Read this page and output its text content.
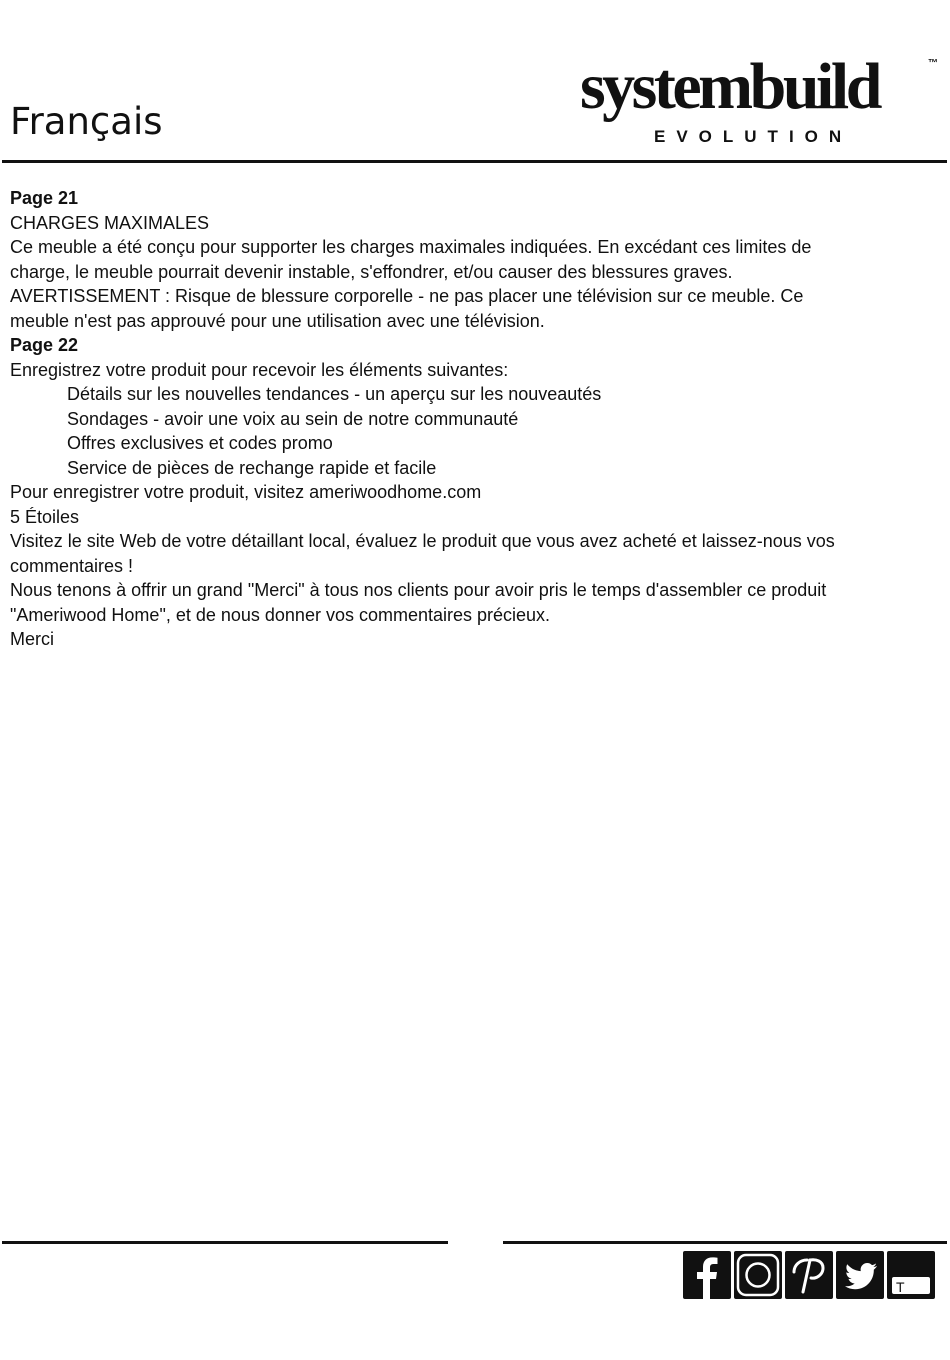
Français	systembuild	™
EVOLUTION

Page 21

CHARGES MAXIMALES

Ce meuble a été conçu pour supporter les charges maximales indiquées. En excédant ces limites de

charge, le meuble pourrait devenir instable, s'effondrer, et/ou causer des blessures graves.

AVERTISSEMENT : Risque de blessure corporelle - ne pas placer une télévision sur ce meuble. Ce

meuble n'est pas approuvé pour une utilisation avec une télévision.

Page 22

Enregistrez votre produit pour recevoir les éléments suivantes:

Détails sur les nouvelles tendances - un aperçu sur les nouveautés

Sondages - avoir une voix au sein de notre communauté

Offres exclusives et codes promo

Service de pièces de rechange rapide et facile

Pour enregistrer votre produit, visitez ameriwoodhome.com

5 Étoiles

Visitez le site Web de votre détaillant local, évaluez le produit que vous avez acheté et laissez-nous vos

commentaires !

Nous tenons à offrir un grand "Merci" à tous nos clients pour avoir pris le temps d'assembler ce produit

"Ameriwood Home", et de nous donner vos commentaires précieux.

Merci

T
